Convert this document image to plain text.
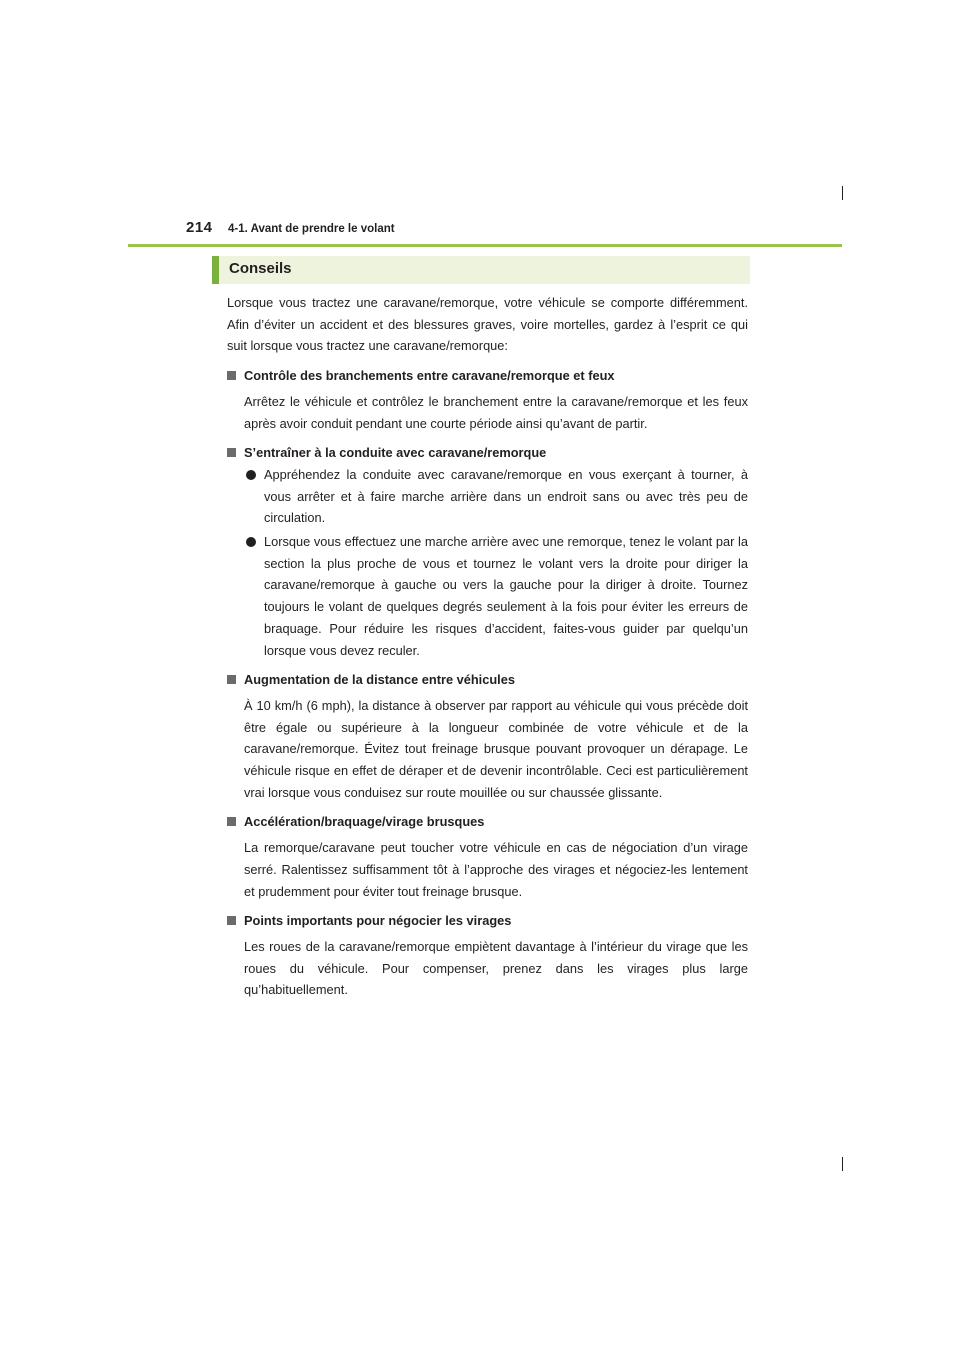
214 4-1. Avant de prendre le volant
Conseils

Lorsque vous tractez une caravane/remorque, votre véhicule se comporte différemment. Afin d’éviter un accident et des blessures graves, voire mortelles, gardez à l’esprit ce qui suit lorsque vous tractez une caravane/remorque:

Contrôle des branchements entre caravane/remorque et feux

Arrêtez le véhicule et contrôlez le branchement entre la caravane/remorque et les feux après avoir conduit pendant une courte période ainsi qu’avant de partir.

S’entraîner à la conduite avec caravane/remorque
Appréhendez la conduite avec caravane/remorque en vous exerçant à tourner, à vous arrêter et à faire marche arrière dans un endroit sans ou avec très peu de circulation.
Lorsque vous effectuez une marche arrière avec une remorque, tenez le volant par la section la plus proche de vous et tournez le volant vers la droite pour diriger la caravane/remorque à gauche ou vers la gauche pour la diriger à droite. Tournez toujours le volant de quelques degrés seulement à la fois pour éviter les erreurs de braquage. Pour réduire les risques d’accident, faites-vous guider par quelqu’un lorsque vous devez reculer.
Augmentation de la distance entre véhicules

À 10 km/h (6 mph), la distance à observer par rapport au véhicule qui vous précède doit être égale ou supérieure à la longueur combinée de votre véhicule et de la caravane/remorque. Évitez tout freinage brusque pouvant provoquer un dérapage. Le véhicule risque en effet de déraper et de devenir incontrôlable. Ceci est particulièrement vrai lorsque vous conduisez sur route mouillée ou sur chaussée glissante.

Accélération/braquage/virage brusques

La remorque/caravane peut toucher votre véhicule en cas de négociation d’un virage serré. Ralentissez suffisamment tôt à l’approche des virages et négociez-les lentement et prudemment pour éviter tout freinage brusque.

Points importants pour négocier les virages

Les roues de la caravane/remorque empiètent davantage à l’intérieur du virage que les roues du véhicule. Pour compenser, prenez dans les virages plus large qu’habituellement.
